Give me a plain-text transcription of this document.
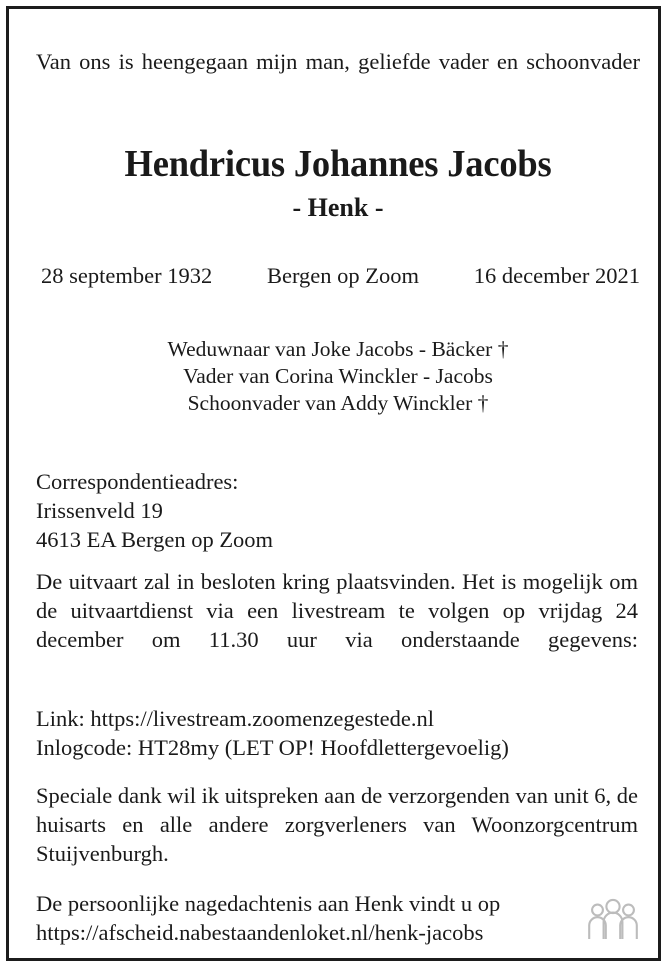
Van ons is heengegaan mijn man, geliefde vader en schoonvader

Hendricus Johannes Jacobs
- Henk -
28 september 1932 Bergen op Zoom 16 december 2021
Weduwnaar van Joke Jacobs - Bäcker †
Vader van Corina Winckler - Jacobs
Schoonvader van Addy Winckler †
Correspondentieadres:
Irissenveld 19
4613 EA Bergen op Zoom

De uitvaart zal in besloten kring plaatsvinden. Het is mogelijk om de uitvaartdienst via een livestream te volgen op vrijdag 24 december om 11.30 uur via onderstaande gegevens:

Link: https://livestream.zoomenzegestede.nl
Inlogcode: HT28my (LET OP! Hoofdlettergevoelig)

Speciale dank wil ik uitspreken aan de verzorgenden van unit 6, de huisarts en alle andere zorgverleners van Woonzorgcentrum Stuijvenburgh.

De persoonlijke nagedachtenis aan Henk vindt u op
https://afscheid.nabestaandenloket.nl/henk-jacobs
